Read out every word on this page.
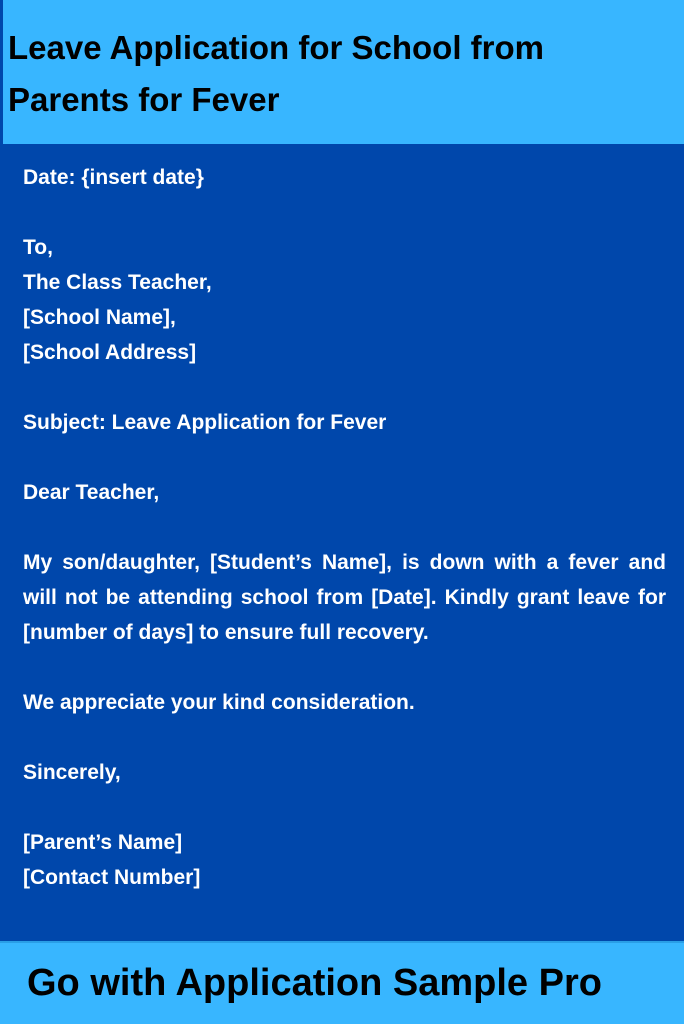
Leave Application for School from
Parents for Fever
Date: {insert date}
To,
The Class Teacher,
[School Name],
[School Address]
Subject: Leave Application for Fever
Dear Teacher,
My son/daughter, [Student’s Name], is down with a fever and will not be attending school from [Date]. Kindly grant leave for [number of days] to ensure full recovery.
We appreciate your kind consideration.
Sincerely,
[Parent’s Name]
[Contact Number]
Go with Application Sample Pro
